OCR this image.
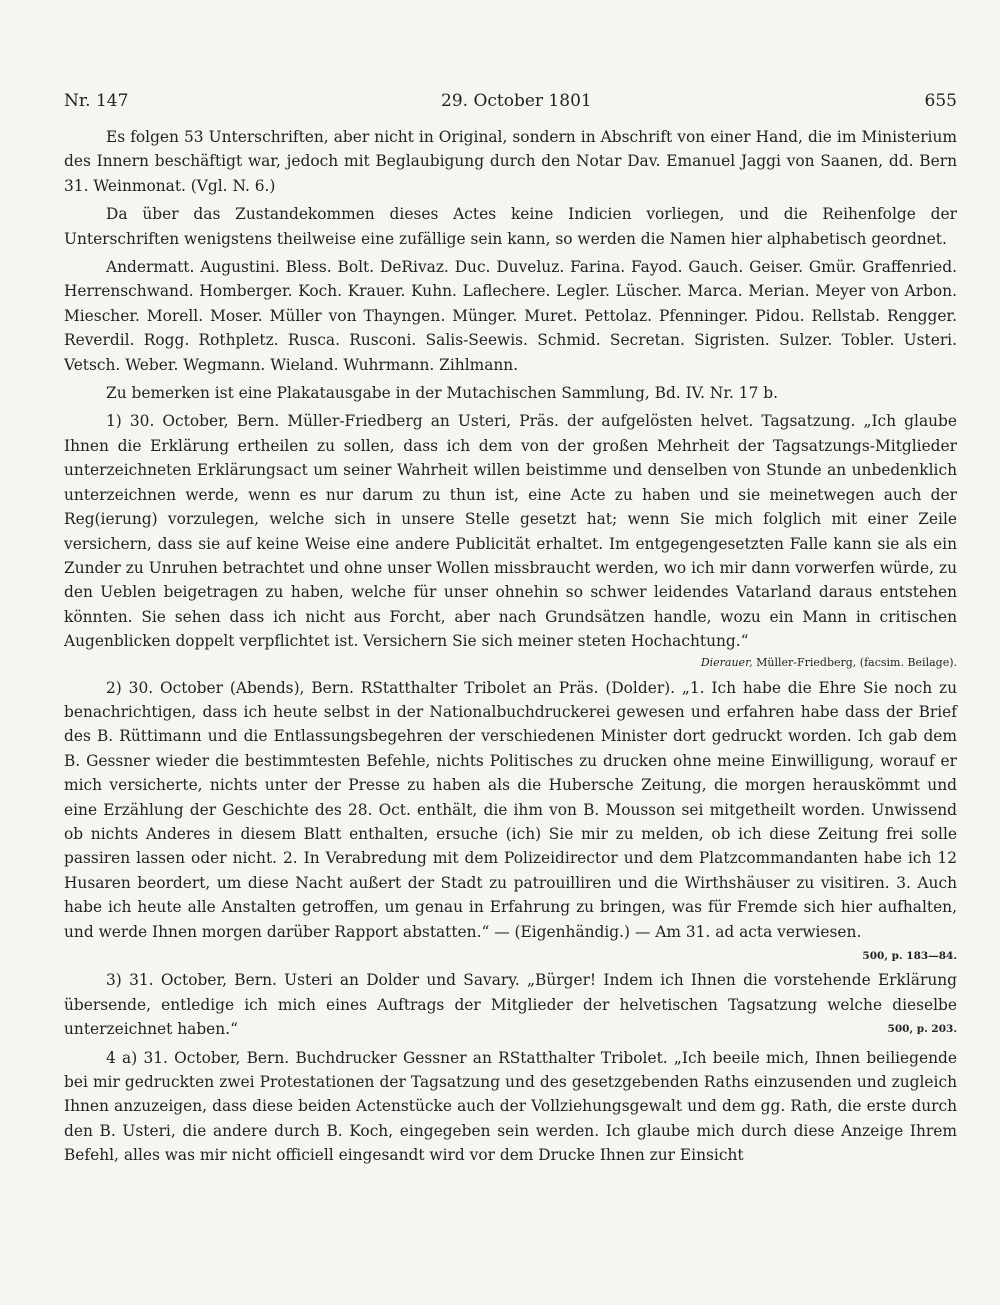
Nr. 147	29. October 1801	655

Es folgen 53 Unterschriften, aber nicht in Original, sondern in Abschrift von einer Hand, die im Ministerium des Innern beschäftigt war, jedoch mit Beglaubigung durch den Notar Dav. Emanuel Jaggi von Saanen, dd. Bern 31. Weinmonat. (Vgl. N. 6.)

Da über das Zustandekommen dieses Actes keine Indicien vorliegen, und die Reihenfolge der Unterschriften wenigstens theilweise eine zufällige sein kann, so werden die Namen hier alphabetisch geordnet.

Andermatt. Augustini. Bless. Bolt. DeRivaz. Duc. Duveluz. Farina. Fayod. Gauch. Geiser. Gmür. Graffenried. Herrenschwand. Homberger. Koch. Krauer. Kuhn. Laflechere. Legler. Lüscher. Marca. Merian. Meyer von Arbon. Miescher. Morell. Moser. Müller von Thayngen. Münger. Muret. Pettolaz. Pfenninger. Pidou. Rellstab. Rengger. Reverdil. Rogg. Rothpletz. Rusca. Rusconi. Salis-Seewis. Schmid. Secretan. Sigristen. Sulzer. Tobler. Usteri. Vetsch. Weber. Wegmann. Wieland. Wuhrmann. Zihlmann.

Zu bemerken ist eine Plakatausgabe in der Mutachischen Sammlung, Bd. IV. Nr. 17 b.

1) 30. October, Bern. Müller-Friedberg an Usteri, Präs. der aufgelösten helvet. Tagsatzung. „Ich glaube Ihnen die Erklärung ertheilen zu sollen, dass ich dem von der großen Mehrheit der Tagsatzungs-Mitglieder unterzeichneten Erklärungsact um seiner Wahrheit willen beistimme und denselben von Stunde an unbedenklich unterzeichnen werde, wenn es nur darum zu thun ist, eine Acte zu haben und sie meinetwegen auch der Reg(ierung) vorzulegen, welche sich in unsere Stelle gesetzt hat; wenn Sie mich folglich mit einer Zeile versichern, dass sie auf keine Weise eine andere Publicität erhaltet. Im entgegengesetzten Falle kann sie als ein Zunder zu Unruhen betrachtet und ohne unser Wollen missbraucht werden, wo ich mir dann vorwerfen würde, zu den Ueblen beigetragen zu haben, welche für unser ohnehin so schwer leidendes Vatarland daraus entstehen könnten. Sie sehen dass ich nicht aus Forcht, aber nach Grundsätzen handle, wozu ein Mann in critischen Augenblicken doppelt verpflichtet ist. Versichern Sie sich meiner steten Hochachtung.“

Dierauer, Müller-Friedberg, (facsim. Beilage).

2) 30. October (Abends), Bern. RStatthalter Tribolet an Präs. (Dolder). „1. Ich habe die Ehre Sie noch zu benachrichtigen, dass ich heute selbst in der Nationalbuchdruckerei gewesen und erfahren habe dass der Brief des B. Rüttimann und die Entlassungsbegehren der verschiedenen Minister dort gedruckt worden. Ich gab dem B. Gessner wieder die bestimmtesten Befehle, nichts Politisches zu drucken ohne meine Einwilligung, worauf er mich versicherte, nichts unter der Presse zu haben als die Hubersche Zeitung, die morgen herauskömmt und eine Erzählung der Geschichte des 28. Oct. enthält, die ihm von B. Mousson sei mitgetheilt worden. Unwissend ob nichts Anderes in diesem Blatt enthalten, ersuche (ich) Sie mir zu melden, ob ich diese Zeitung frei solle passiren lassen oder nicht. 2. In Verabredung mit dem Polizeidirector und dem Platzcommandanten habe ich 12 Husaren beordert, um diese Nacht außert der Stadt zu patrouilliren und die Wirthshäuser zu visitiren. 3. Auch habe ich heute alle Anstalten getroffen, um genau in Erfahrung zu bringen, was für Fremde sich hier aufhalten, und werde Ihnen morgen darüber Rapport abstatten.“ — (Eigenhändig.) — Am 31. ad acta verwiesen.
500, p. 183—84.

3) 31. October, Bern. Usteri an Dolder und Savary. „Bürger! Indem ich Ihnen die vorstehende Erklärung übersende, entledige ich mich eines Auftrags der Mitglieder der helvetischen Tagsatzung welche dieselbe unterzeichnet haben.“	500, p. 203.

4 a) 31. October, Bern. Buchdrucker Gessner an RStatthalter Tribolet. „Ich beeile mich, Ihnen beiliegende bei mir gedruckten zwei Protestationen der Tagsatzung und des gesetzgebenden Raths einzusenden und zugleich Ihnen anzuzeigen, dass diese beiden Actenstücke auch der Vollziehungsgewalt und dem gg. Rath, die erste durch den B. Usteri, die andere durch B. Koch, eingegeben sein werden. Ich glaube mich durch diese Anzeige Ihrem Befehl, alles was mir nicht officiell eingesandt wird vor dem Drucke Ihnen zur Einsicht
